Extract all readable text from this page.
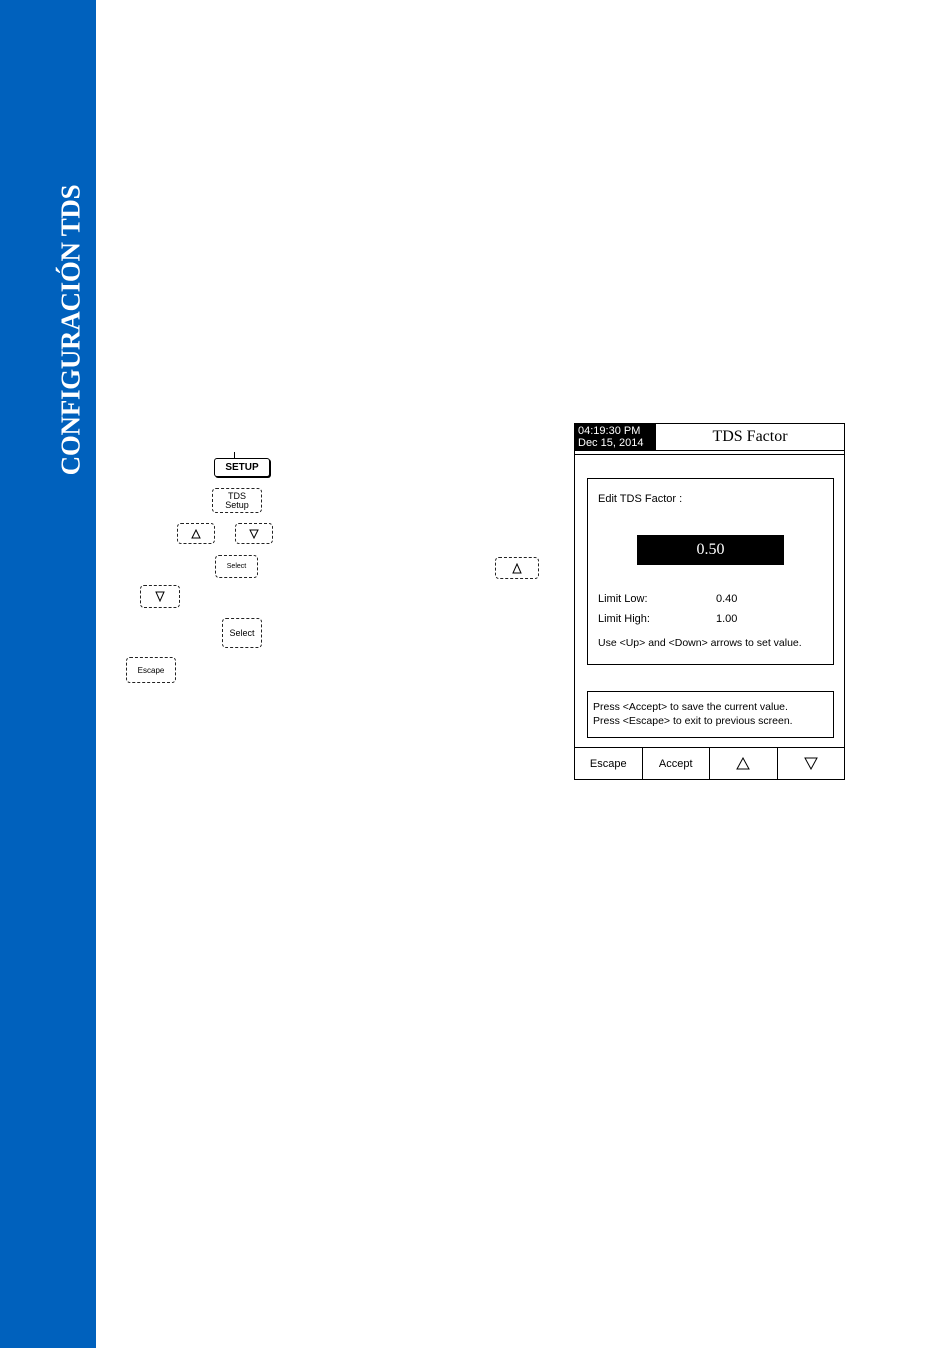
CONFIGURACIÓN TDS	SETUP
TDS
Setup
Select
Select
Escape
04:19:30 PM
Dec 15, 2014	TDS Factor
Edit TDS Factor :
0.50
Limit Low:	0.40
Limit High:	1.00
Use <Up> and <Down> arrows to set value.
Press <Accept> to save the current value.
Press <Escape> to exit to previous screen.
Escape	Accept
